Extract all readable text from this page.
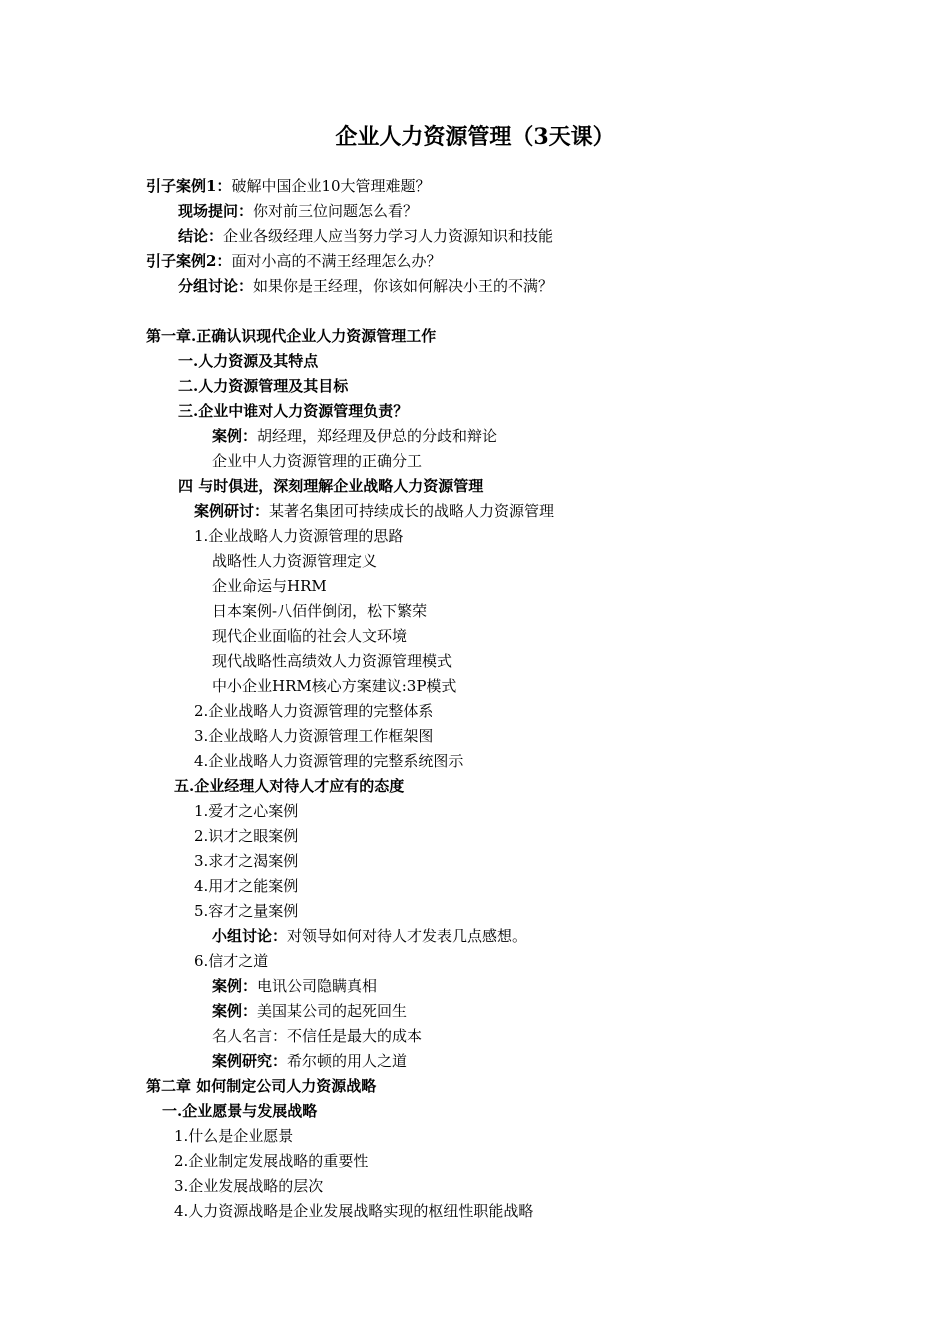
企业人力资源管理（3天课）
引子案例1：破解中国企业10大管理难题？
现场提问：你对前三位问题怎么看？
结论：企业各级经理人应当努力学习人力资源知识和技能
引子案例2：面对小高的不满王经理怎么办？
分组讨论：如果你是王经理，你该如何解决小王的不满？
第一章.正确认识现代企业人力资源管理工作
一.人力资源及其特点
二.人力资源管理及其目标
三.企业中谁对人力资源管理负责？
案例：胡经理，郑经理及伊总的分歧和辩论
企业中人力资源管理的正确分工
四 与时俱进，深刻理解企业战略人力资源管理
案例研讨：某著名集团可持续成长的战略人力资源管理
1.企业战略人力资源管理的思路
战略性人力资源管理定义
企业命运与HRM
日本案例-八佰伴倒闭，松下繁荣
现代企业面临的社会人文环境
现代战略性高绩效人力资源管理模式
中小企业HRM核心方案建议:3P模式
2.企业战略人力资源管理的完整体系
3.企业战略人力资源管理工作框架图
4.企业战略人力资源管理的完整系统图示
五.企业经理人对待人才应有的态度
1.爱才之心案例
2.识才之眼案例
3.求才之渴案例
4.用才之能案例
5.容才之量案例
小组讨论：对领导如何对待人才发表几点感想。
6.信才之道
案例：电讯公司隐瞒真相
案例：美国某公司的起死回生
名人名言：不信任是最大的成本
案例研究：希尔顿的用人之道
第二章 如何制定公司人力资源战略
一.企业愿景与发展战略
1.什么是企业愿景
2.企业制定发展战略的重要性
3.企业发展战略的层次
4.人力资源战略是企业发展战略实现的枢纽性职能战略
